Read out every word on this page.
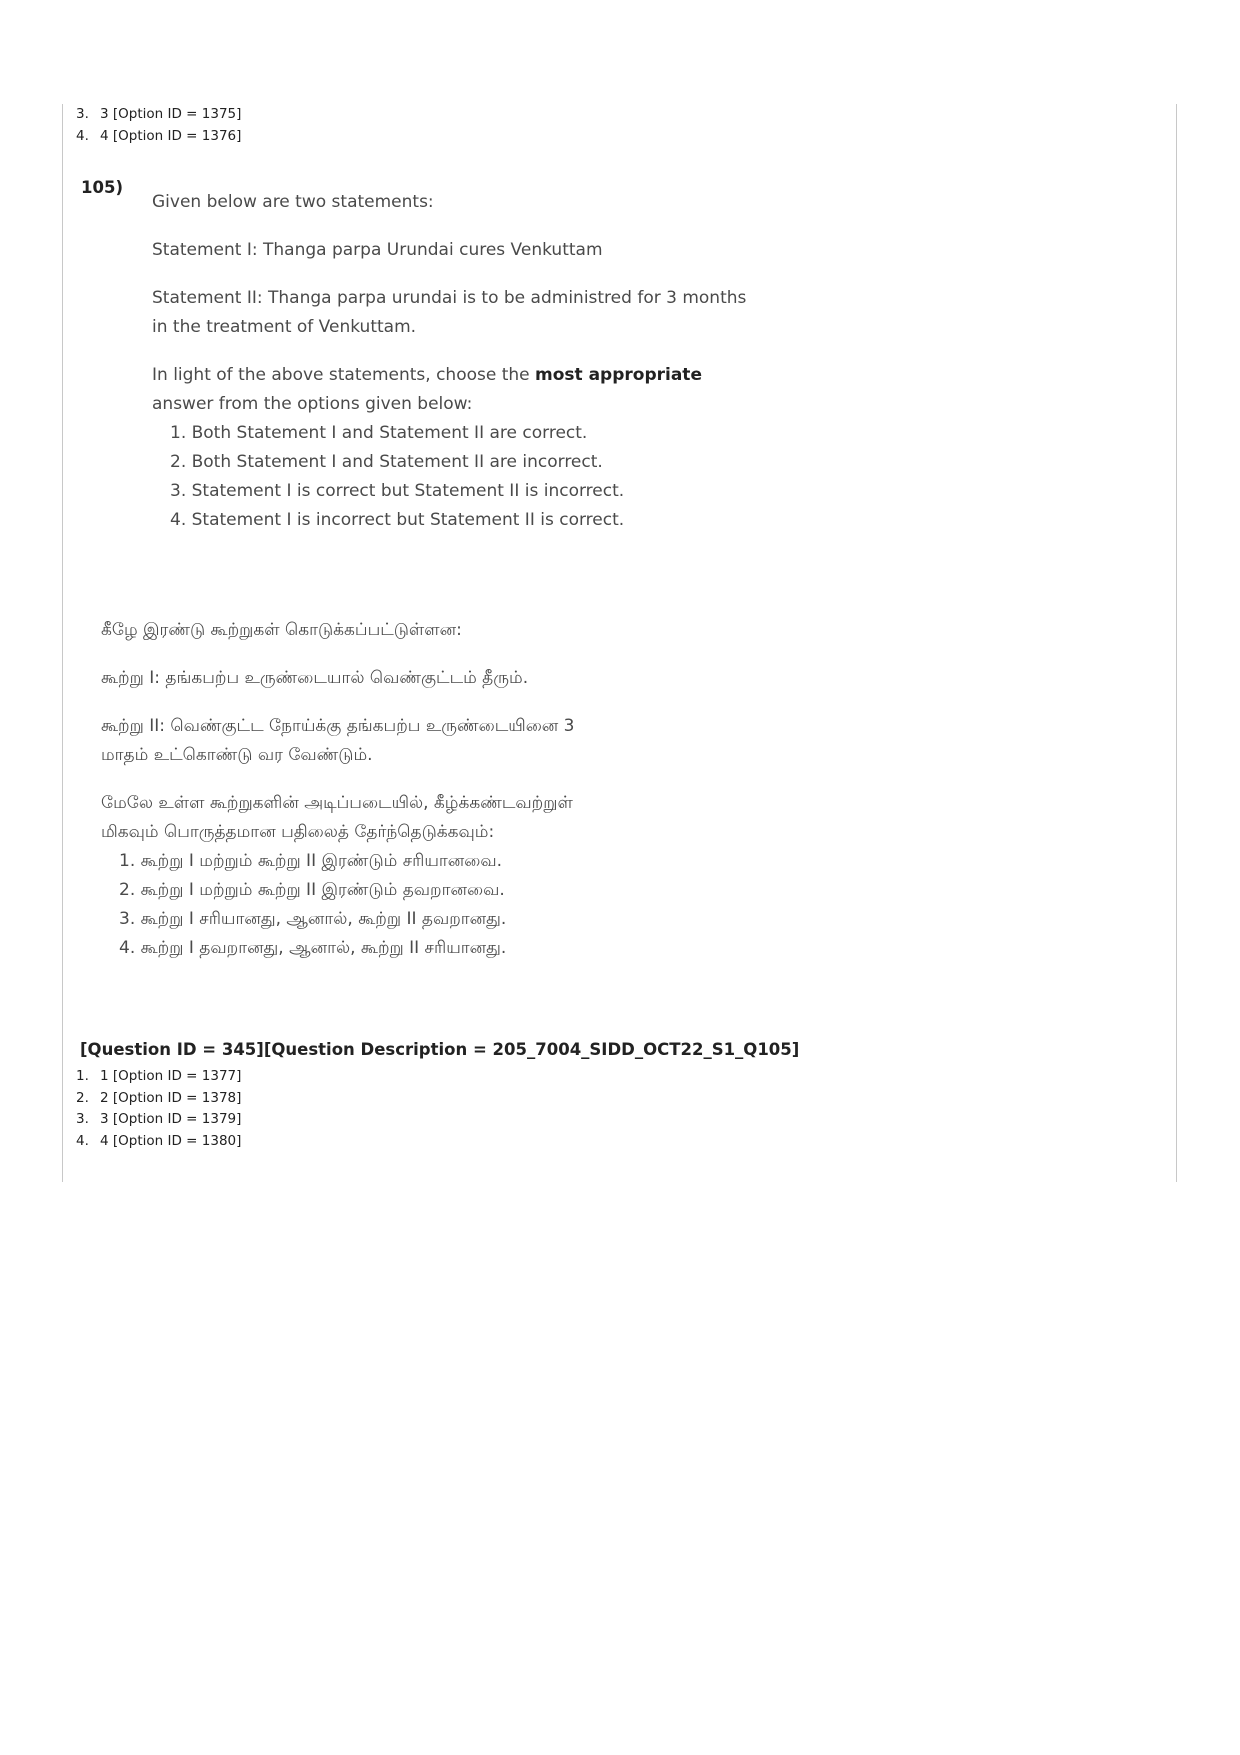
3. 3 [Option ID = 1375]
4. 4 [Option ID = 1376]
105)

Given below are two statements:

Statement I: Thanga parpa Urundai cures Venkuttam

Statement II: Thanga parpa urundai is to be administred for 3 months

in the treatment of Venkuttam.

In light of the above statements, choose the most appropriate

answer from the options given below:

1. Both Statement I and Statement II are correct.
2. Both Statement I and Statement II are incorrect.
3. Statement I is correct but Statement II is incorrect.
4. Statement I is incorrect but Statement II is correct.

கீழே இரண்டு கூற்றுகள் கொடுக்கப்பட்டுள்ளன:

கூற்று I: தங்கபற்ப உருண்டையால் வெண்குட்டம் தீரும்.

கூற்று II: வெண்குட்ட நோய்க்கு தங்கபற்ப உருண்டையினை 3

மாதம் உட்கொண்டு வர வேண்டும்.

மேலே உள்ள கூற்றுகளின் அடிப்படையில், கீழ்க்கண்டவற்றுள்

மிகவும் பொருத்தமான பதிலைத் தேர்ந்தெடுக்கவும்:

1. கூற்று I மற்றும் கூற்று II இரண்டும் சரியானவை.
2. கூற்று I மற்றும் கூற்று II இரண்டும் தவறானவை.
3. கூற்று I சரியானது, ஆனால், கூற்று II தவறானது.
4. கூற்று I தவறானது, ஆனால், கூற்று II சரியானது.
[Question ID = 345][Question Description = 205_7004_SIDD_OCT22_S1_Q105]
1. 1 [Option ID = 1377]
2. 2 [Option ID = 1378]
3. 3 [Option ID = 1379]
4. 4 [Option ID = 1380]
